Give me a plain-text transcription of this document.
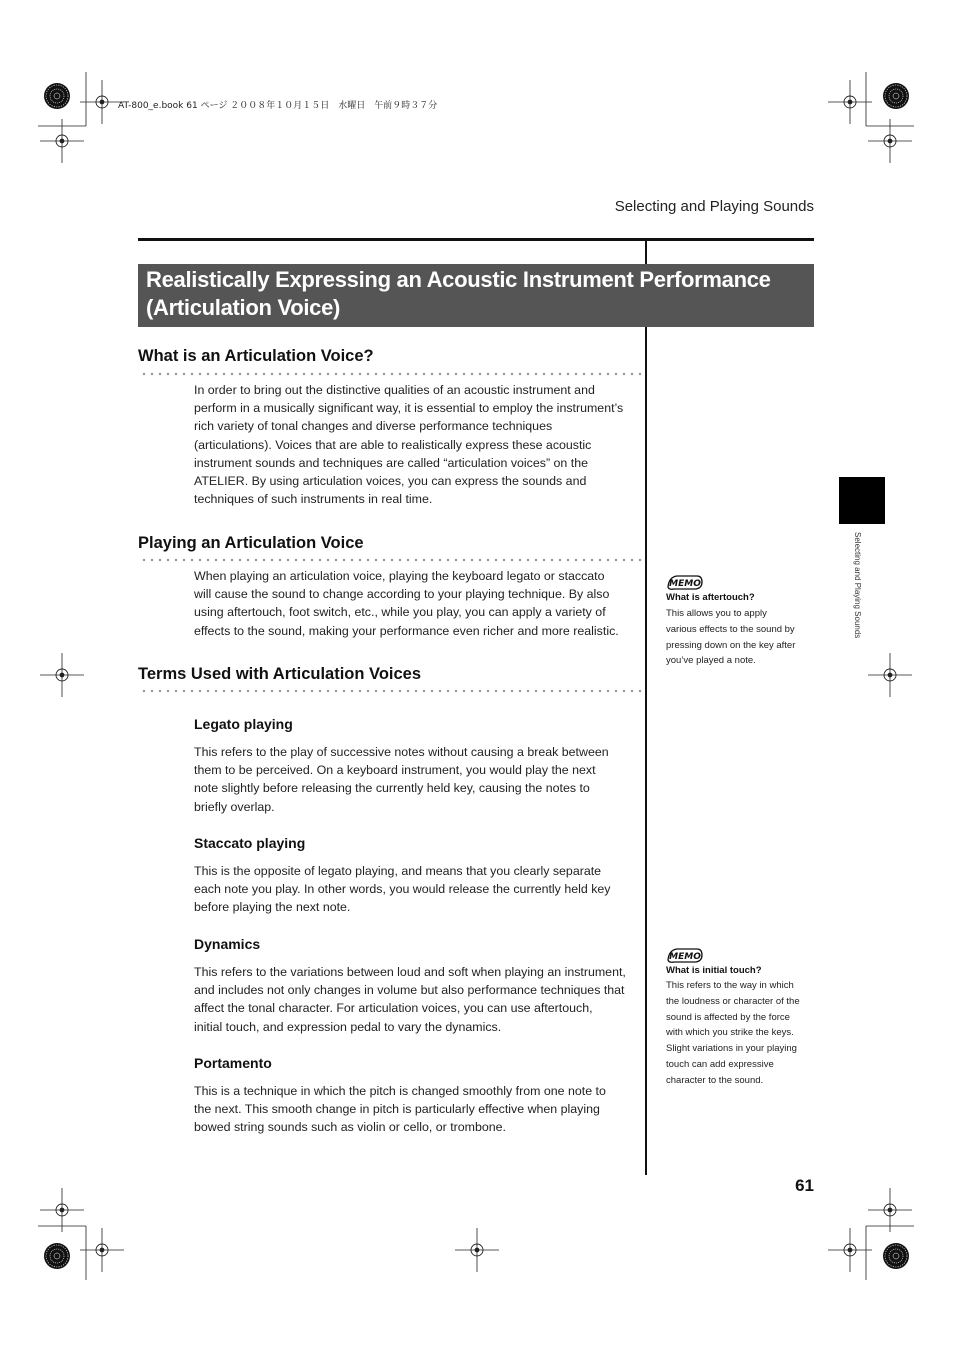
AT-800_e.book 61 ページ ２００８年１０月１５日　水曜日　午前９時３７分
Selecting and Playing Sounds
Realistically Expressing an Acoustic Instrument Performance
(Articulation Voice)
What is an Articulation Voice?
In order to bring out the distinctive qualities of an acoustic instrument and
perform in a musically significant way, it is essential to employ the instrument’s
rich variety of tonal changes and diverse performance techniques
(articulations). Voices that are able to realistically express these acoustic
instrument sounds and techniques are called “articulation voices” on the
ATELIER. By using articulation voices, you can express the sounds and
techniques of such instruments in real time.
Playing an Articulation Voice
When playing an articulation voice, playing the keyboard legato or staccato
will cause the sound to change according to your playing technique. By also
using aftertouch, foot switch, etc., while you play, you can apply a variety of
effects to the sound, making your performance even richer and more realistic.
Terms Used with Articulation Voices
Legato playing
This refers to the play of successive notes without causing a break between
them to be perceived. On a keyboard instrument, you would play the next
note slightly before releasing the currently held key, causing the notes to
briefly overlap.
Staccato playing
This is the opposite of legato playing, and means that you clearly separate
each note you play. In other words, you would release the currently held key
before playing the next note.
Dynamics
This refers to the variations between loud and soft when playing an instrument,
and includes not only changes in volume but also performance techniques that
affect the tonal character. For articulation voices, you can use aftertouch,
initial touch, and expression pedal to vary the dynamics.
Portamento
This is a technique in which the pitch is changed smoothly from one note to
the next. This smooth change in pitch is particularly effective when playing
bowed string sounds such as violin or cello, or trombone.
Selecting and Playing Sounds
MEMO
What is aftertouch?
This allows you to apply
various effects to the sound by
pressing down on the key after
you’ve played a note.
MEMO
What is initial touch?
This refers to the way in which
the loudness or character of the
sound is affected by the force
with which you strike the keys.
Slight variations in your playing
touch can add expressive
character to the sound.
61
